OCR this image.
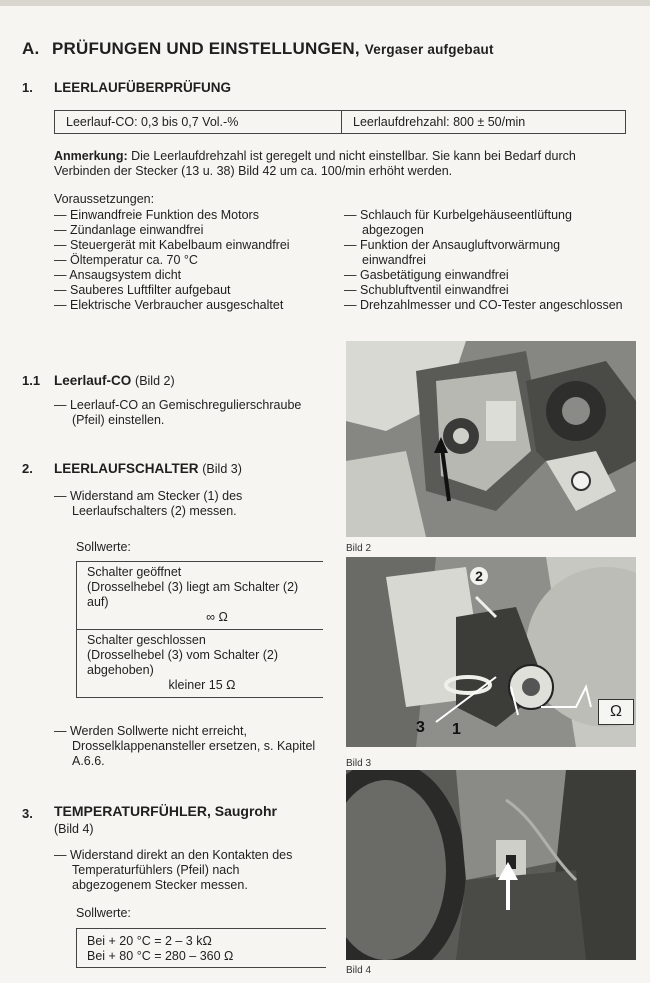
A. PRÜFUNGEN UND EINSTELLUNGEN, Vergaser aufgebaut
1. LEERLAUFÜBERPRÜFUNG
Leerlauf-CO: 0,3 bis 0,7 Vol.-%	Leerlaufdrehzahl: 800 ± 50/min
Anmerkung: Die Leerlaufdrehzahl ist geregelt und nicht einstellbar. Sie kann bei Bedarf durch Verbinden der Stecker (13 u. 38) Bild 42 um ca. 100/min erhöht werden.
Voraussetzungen:
— Einwandfreie Funktion des Motors
— Zündanlage einwandfrei
— Steuergerät mit Kabelbaum einwandfrei
— Öltemperatur ca. 70 °C
— Ansaugsystem dicht
— Sauberes Luftfilter aufgebaut
— Elektrische Verbraucher ausgeschaltet
— Schlauch für Kurbelgehäuseentlüftung abgezogen
— Funktion der Ansaugluftvorwärmung einwandfrei
— Gasbetätigung einwandfrei
— Schubluftventil einwandfrei
— Drehzahlmesser und CO-Tester angeschlossen
1.1 Leerlauf-CO (Bild 2)
— Leerlauf-CO an Gemischregulierschraube (Pfeil) einstellen.
2. LEERLAUFSCHALTER (Bild 3)
— Widerstand am Stecker (1) des Leerlaufschalters (2) messen.
Sollwerte:
Schalter geöffnet
(Drosselhebel (3) liegt am Schalter (2) auf)
∞ Ω
Schalter geschlossen
(Drosselhebel (3) vom Schalter (2) abgehoben)
kleiner 15 Ω
— Werden Sollwerte nicht erreicht, Drosselklappenansteller ersetzen, s. Kapitel A.6.6.
3. TEMPERATURFÜHLER, Saugrohr
(Bild 4)
— Widerstand direkt an den Kontakten des Temperaturfühlers (Pfeil) nach abgezogenem Stecker messen.
Sollwerte:
Bei + 20 °C = 2 – 3 kΩ
Bei + 80 °C = 280 – 360 Ω
Bild 2
2
3 1
Ω
Bild 3
Bild 4
